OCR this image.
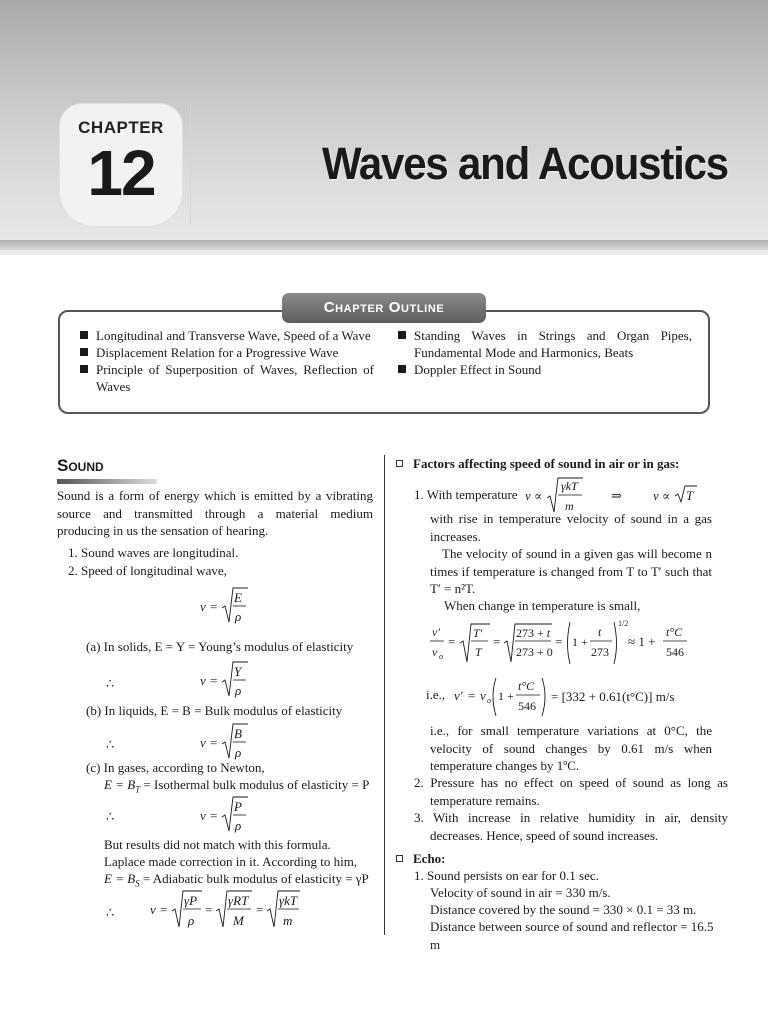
CHAPTER
12	Waves and Acoustics
Chapter Outline
Longitudinal and Transverse Wave, Speed of a Wave
Displacement Relation for a Progressive Wave
Principle of Superposition of Waves, Reflection of Waves
Standing Waves in Strings and Organ Pipes, Fundamental Mode and Harmonics, Beats
Doppler Effect in Sound
Sound
Sound is a form of energy which is emitted by a vibrating source and transmitted through a material medium producing in us the sensation of hearing.
1. Sound waves are longitudinal.
2. Speed of longitudinal wave,
v =
E
ρ
(a) In solids, E = Y = Young’s modulus of elasticity
∴	v =
Y
ρ
(b) In liquids, E = B = Bulk modulus of elasticity
∴	v =
B
ρ
(c) In gases, according to Newton,
$E = B_T$ = Isothermal bulk modulus of elasticity = P
∴	v =
P
ρ
But results did not match with this formula.
Laplace made correction in it. According to him,
$E = B_S$ = Adiabatic bulk modulus of elasticity = γP
∴	v =
γP
ρ
=
γRT
M
=
γkT
m
Factors affecting speed of sound in air or in gas:
1. With temperature v ∝
γkT
m
⇒ v ∝ T
with rise in temperature velocity of sound in a gas increases.
The velocity of sound in a given gas will become n times if temperature is changed from T to T′ such that T′ = n²T.
When change in temperature is small,
v′
v o
=
T′
T
=
273 + t
273 + 0
= 1 +
t
273
1/2
≈ 1 +
t°C
546
i.e., v′ = v o 1 +
t°C
546
= [332 + 0.61(t°C)] m/s
i.e., for small temperature variations at 0°C, the velocity of sound changes by 0.61 m/s when temperature changes by 1ºC.
2. Pressure has no effect on speed of sound as long as temperature remains.
3. With increase in relative humidity in air, density decreases. Hence, speed of sound increases.
Echo:
1. Sound persists on ear for 0.1 sec.
Velocity of sound in air = 330 m/s.
Distance covered by the sound = 330 × 0.1 = 33 m.
Distance between source of sound and reflector = 16.5 m
